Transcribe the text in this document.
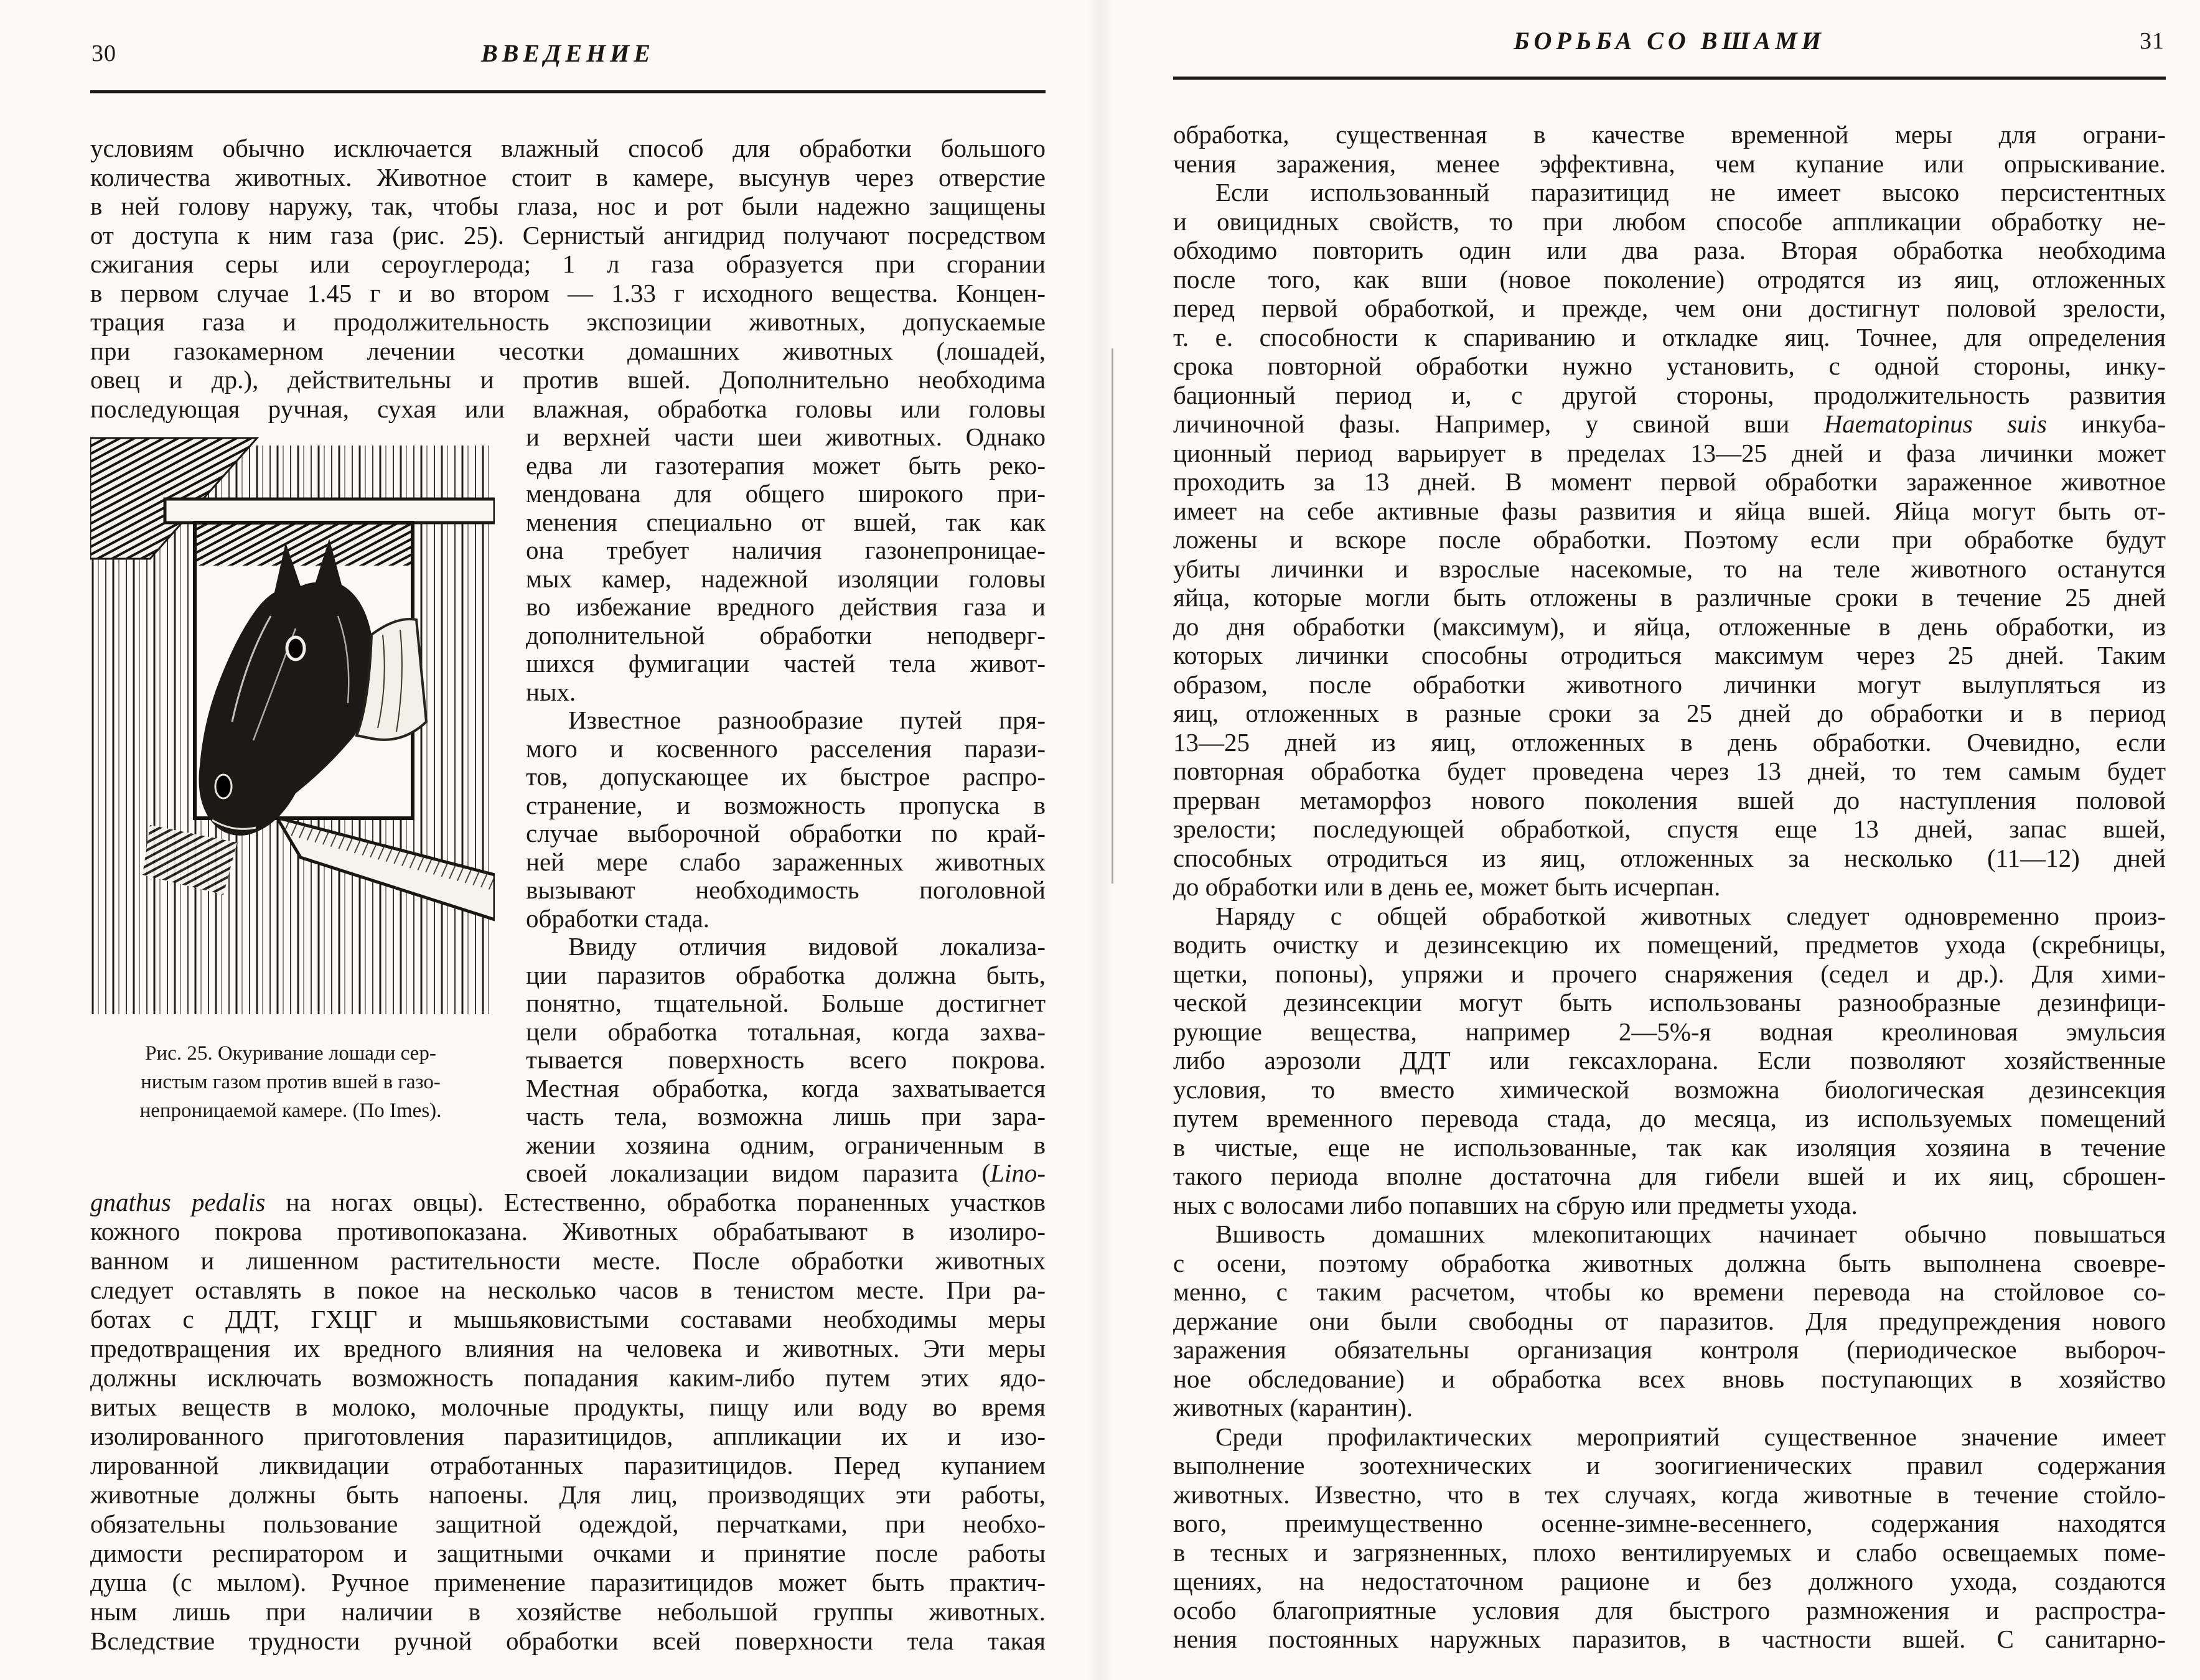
30	ВВЕДЕНИЕ
условиям обычно исключается влажный способ для обработки большого
количества животных. Животное стоит в камере, высунув через отверстие
в ней голову наружу, так, чтобы глаза, нос и рот были надежно защищены
от доступа к ним газа (рис. 25). Сернистый ангидрид получают посредством
сжигания серы или сероуглерода; 1 л газа образуется при сгорании
в первом случае 1.45 г и во втором — 1.33 г исходного вещества. Концен-
трация газа и продолжительность экспозиции животных, допускаемые
при газокамерном лечении чесотки домашних животных (лошадей,
овец и др.), действительны и против вшей. Дополнительно необходима
последующая ручная, сухая или влажная, обработка головы или головы
Рис. 25. Окуривание лошади сер-
нистым газом против вшей в газо-
непроницаемой камере. (По Imes).
и верхней части шеи животных. Однако
едва ли газотерапия может быть реко-
мендована для общего широкого при-
менения специально от вшей, так как
она требует наличия газонепроницае-
мых камер, надежной изоляции головы
во избежание вредного действия газа и
дополнительной обработки неподверг-
шихся фумигации частей тела живот-
ных.
Известное разнообразие путей пря-
мого и косвенного расселения парази-
тов, допускающее их быстрое распро-
странение, и возможность пропуска в
случае выборочной обработки по край-
ней мере слабо зараженных животных
вызывают необходимость поголовной
обработки стада.
Ввиду отличия видовой локализа-
ции паразитов обработка должна быть,
понятно, тщательной. Больше достигнет
цели обработка тотальная, когда захва-
тывается поверхность всего покрова.
Местная обработка, когда захватывается
часть тела, возможна лишь при зара-
жении хозяина одним, ограниченным в
своей локализации видом паразита (Lino-
gnathus pedalis на ногах овцы). Естественно, обработка пораненных участков
кожного покрова противопоказана. Животных обрабатывают в изолиро-
ванном и лишенном растительности месте. После обработки животных
следует оставлять в покое на несколько часов в тенистом месте. При ра-
ботах с ДДТ, ГХЦГ и мышьяковистыми составами необходимы меры
предотвращения их вредного влияния на человека и животных. Эти меры
должны исключать возможность попадания каким-либо путем этих ядо-
витых веществ в молоко, молочные продукты, пищу или воду во время
изолированного приготовления паразитицидов, аппликации их и изо-
лированной ликвидации отработанных паразитицидов. Перед купанием
животные должны быть напоены. Для лиц, производящих эти работы,
обязательны пользование защитной одеждой, перчатками, при необхо-
димости респиратором и защитными очками и принятие после работы
душа (с мылом). Ручное применение паразитицидов может быть практич-
ным лишь при наличии в хозяйстве небольшой группы животных.
Вследствие трудности ручной обработки всей поверхности тела такая
БОРЬБА СО ВШАМИ	31
обработка, существенная в качестве временной меры для ограни-
чения заражения, менее эффективна, чем купание или опрыскивание.
Если использованный паразитицид не имеет высоко персистентных
и овицидных свойств, то при любом способе аппликации обработку не-
обходимо повторить один или два раза. Вторая обработка необходима
после того, как вши (новое поколение) отродятся из яиц, отложенных
перед первой обработкой, и прежде, чем они достигнут половой зрелости,
т. е. способности к спариванию и откладке яиц. Точнее, для определения
срока повторной обработки нужно установить, с одной стороны, инку-
бационный период и, с другой стороны, продолжительность развития
личиночной фазы. Например, у свиной вши Haematopinus suis инкуба-
ционный период варьирует в пределах 13—25 дней и фаза личинки может
проходить за 13 дней. В момент первой обработки зараженное животное
имеет на себе активные фазы развития и яйца вшей. Яйца могут быть от-
ложены и вскоре после обработки. Поэтому если при обработке будут
убиты личинки и взрослые насекомые, то на теле животного останутся
яйца, которые могли быть отложены в различные сроки в течение 25 дней
до дня обработки (максимум), и яйца, отложенные в день обработки, из
которых личинки способны отродиться максимум через 25 дней. Таким
образом, после обработки животного личинки могут вылупляться из
яиц, отложенных в разные сроки за 25 дней до обработки и в период
13—25 дней из яиц, отложенных в день обработки. Очевидно, если
повторная обработка будет проведена через 13 дней, то тем самым будет
прерван метаморфоз нового поколения вшей до наступления половой
зрелости; последующей обработкой, спустя еще 13 дней, запас вшей,
способных отродиться из яиц, отложенных за несколько (11—12) дней
до обработки или в день ее, может быть исчерпан.
Наряду с общей обработкой животных следует одновременно произ-
водить очистку и дезинсекцию их помещений, предметов ухода (скребницы,
щетки, попоны), упряжи и прочего снаряжения (седел и др.). Для хими-
ческой дезинсекции могут быть использованы разнообразные дезинфици-
рующие вещества, например 2—5%-я водная креолиновая эмульсия
либо аэрозоли ДДТ или гексахлорана. Если позволяют хозяйственные
условия, то вместо химической возможна биологическая дезинсекция
путем временного перевода стада, до месяца, из используемых помещений
в чистые, еще не использованные, так как изоляция хозяина в течение
такого периода вполне достаточна для гибели вшей и их яиц, сброшен-
ных с волосами либо попавших на сбрую или предметы ухода.
Вшивость домашних млекопитающих начинает обычно повышаться
с осени, поэтому обработка животных должна быть выполнена своевре-
менно, с таким расчетом, чтобы ко времени перевода на стойловое со-
держание они были свободны от паразитов. Для предупреждения нового
заражения обязательны организация контроля (периодическое выбороч-
ное обследование) и обработка всех вновь поступающих в хозяйство
животных (карантин).
Среди профилактических мероприятий существенное значение имеет
выполнение зоотехнических и зоогигиенических правил содержания
животных. Известно, что в тех случаях, когда животные в течение стойло-
вого, преимущественно осенне-зимне-весеннего, содержания находятся
в тесных и загрязненных, плохо вентилируемых и слабо освещаемых поме-
щениях, на недостаточном рационе и без должного ухода, создаются
особо благоприятные условия для быстрого размножения и распростра-
нения постоянных наружных паразитов, в частности вшей. С санитарно-
